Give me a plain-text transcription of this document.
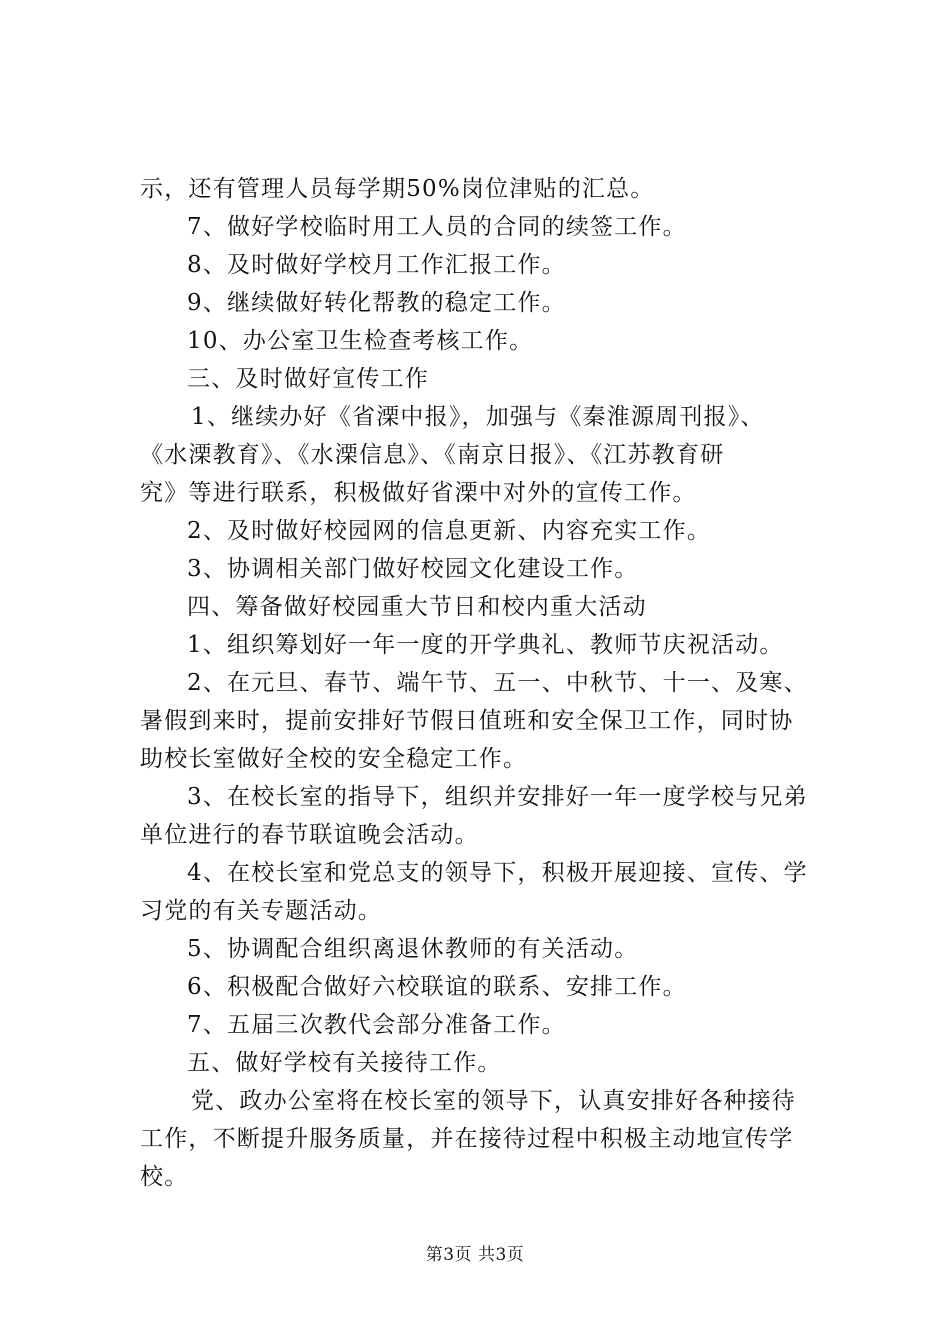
示，还有管理人员每学期50%岗位津贴的汇总。
7、做好学校临时用工人员的合同的续签工作。
8、及时做好学校月工作汇报工作。
9、继续做好转化帮教的稳定工作。
10、办公室卫生检查考核工作。
三、及时做好宣传工作
1、继续办好《省溧中报》，加强与《秦淮源周刊报》、
《水溧教育》、《水溧信息》、《南京日报》、《江苏教育研
究》等进行联系，积极做好省溧中对外的宣传工作。
2、及时做好校园网的信息更新、内容充实工作。
3、协调相关部门做好校园文化建设工作。
四、筹备做好校园重大节日和校内重大活动
1、组织筹划好一年一度的开学典礼、教师节庆祝活动。
2、在元旦、春节、端午节、五一、中秋节、十一、及寒、
暑假到来时，提前安排好节假日值班和安全保卫工作，同时协
助校长室做好全校的安全稳定工作。
3、在校长室的指导下，组织并安排好一年一度学校与兄弟
单位进行的春节联谊晚会活动。
4、在校长室和党总支的领导下，积极开展迎接、宣传、学
习党的有关专题活动。
5、协调配合组织离退休教师的有关活动。
6、积极配合做好六校联谊的联系、安排工作。
7、五届三次教代会部分准备工作。
五、做好学校有关接待工作。
党、政办公室将在校长室的领导下，认真安排好各种接待
工作，不断提升服务质量，并在接待过程中积极主动地宣传学
校。
第3页 共3页
